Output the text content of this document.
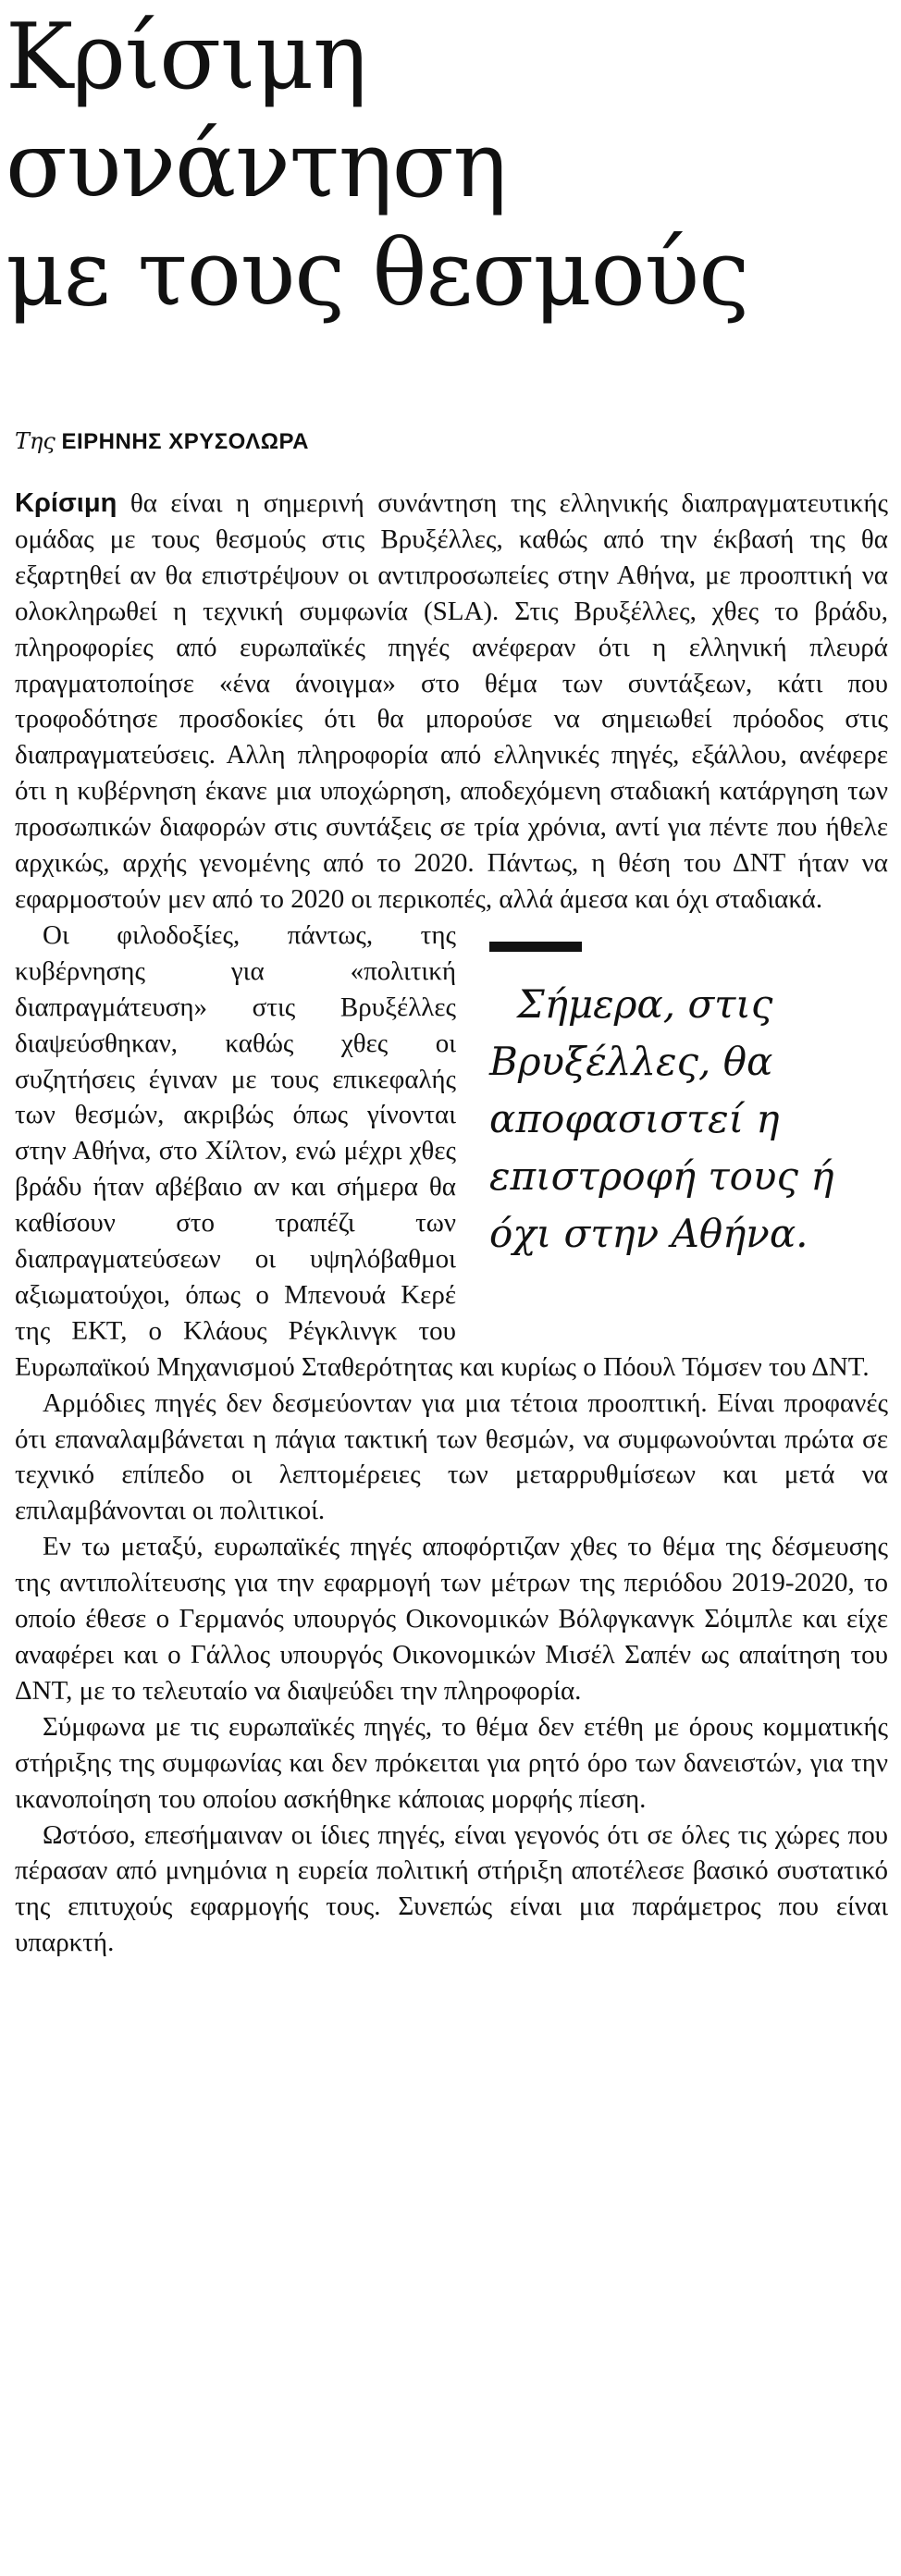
Κρίσιμη
συνάντηση
με τους θεσμούς

Της ΕΙΡΗΝΗΣ ΧΡΥΣΟΛΩΡΑ

Κρίσιμη θα είναι η σημερινή συνάντηση της ελληνικής διαπραγματευτικής ομάδας με τους θεσμούς στις Βρυξέλλες, καθώς από την έκβασή της θα εξαρτηθεί αν θα επιστρέψουν οι αντιπροσωπείες στην Αθήνα, με προοπτική να ολοκληρωθεί η τεχνική συμφωνία (SLA). Στις Βρυξέλλες, χθες το βράδυ, πληροφορίες από ευρωπαϊκές πηγές ανέφεραν ότι η ελληνική πλευρά πραγματοποίησε «ένα άνοιγμα» στο θέμα των συντάξεων, κάτι που τροφοδότησε προσδοκίες ότι θα μπορούσε να σημειωθεί πρόοδος στις διαπραγματεύσεις. Αλλη πληροφορία από ελληνικές πηγές, εξάλλου, ανέφερε ότι η κυβέρνηση έκανε μια υποχώρηση, αποδεχόμενη σταδιακή κατάργηση των προσωπικών διαφορών στις συντάξεις σε τρία χρόνια, αντί για πέντε που ήθελε αρχικώς, αρχής γενομένης από το 2020. Πάντως, η θέση του ΔΝΤ ήταν να εφαρμοστούν μεν από το 2020 οι περικοπές, αλλά άμεσα και όχι σταδιακά.

Σήμερα, στις Βρυξέλλες, θα αποφασιστεί η επιστροφή τους ή όχι στην Αθήνα.

Οι φιλοδοξίες, πάντως, της κυβέρνησης για «πολιτική διαπραγμάτευση» στις Βρυξέλλες διαψεύσθηκαν, καθώς χθες οι συζητήσεις έγιναν με τους επικεφαλής των θεσμών, ακριβώς όπως γίνονται στην Αθήνα, στο Χίλτον, ενώ μέχρι χθες βράδυ ήταν αβέβαιο αν και σήμερα θα καθίσουν στο τραπέζι των διαπραγματεύσεων οι υψηλόβαθμοι αξιωματούχοι, όπως ο Μπενουά Κερέ της ΕΚΤ, ο Κλάους Ρέγκλινγκ του Ευρωπαϊκού Μηχανισμού Σταθερότητας και κυρίως ο Πόουλ Τόμσεν του ΔΝΤ.

Αρμόδιες πηγές δεν δεσμεύονταν για μια τέτοια προοπτική. Είναι προφανές ότι επαναλαμβάνεται η πάγια τακτική των θεσμών, να συμφωνούνται πρώτα σε τεχνικό επίπεδο οι λεπτομέρειες των μεταρρυθμίσεων και μετά να επιλαμβάνονται οι πολιτικοί.

Εν τω μεταξύ, ευρωπαϊκές πηγές αποφόρτιζαν χθες το θέμα της δέσμευσης της αντιπολίτευσης για την εφαρμογή των μέτρων της περιόδου 2019-2020, το οποίο έθεσε ο Γερμανός υπουργός Οικονομικών Βόλφγκανγκ Σόιμπλε και είχε αναφέρει και ο Γάλλος υπουργός Οικονομικών Μισέλ Σαπέν ως απαίτηση του ΔΝΤ, με το τελευταίο να διαψεύδει την πληροφορία.

Σύμφωνα με τις ευρωπαϊκές πηγές, το θέμα δεν ετέθη με όρους κομματικής στήριξης της συμφωνίας και δεν πρόκειται για ρητό όρο των δανειστών, για την ικανοποίηση του οποίου ασκήθηκε κάποιας μορφής πίεση.

Ωστόσο, επεσήμαιναν οι ίδιες πηγές, είναι γεγονός ότι σε όλες τις χώρες που πέρασαν από μνημόνια η ευρεία πολιτική στήριξη αποτέλεσε βασικό συστατικό της επιτυχούς εφαρμογής τους. Συνεπώς είναι μια παράμετρος που είναι υπαρκτή.
